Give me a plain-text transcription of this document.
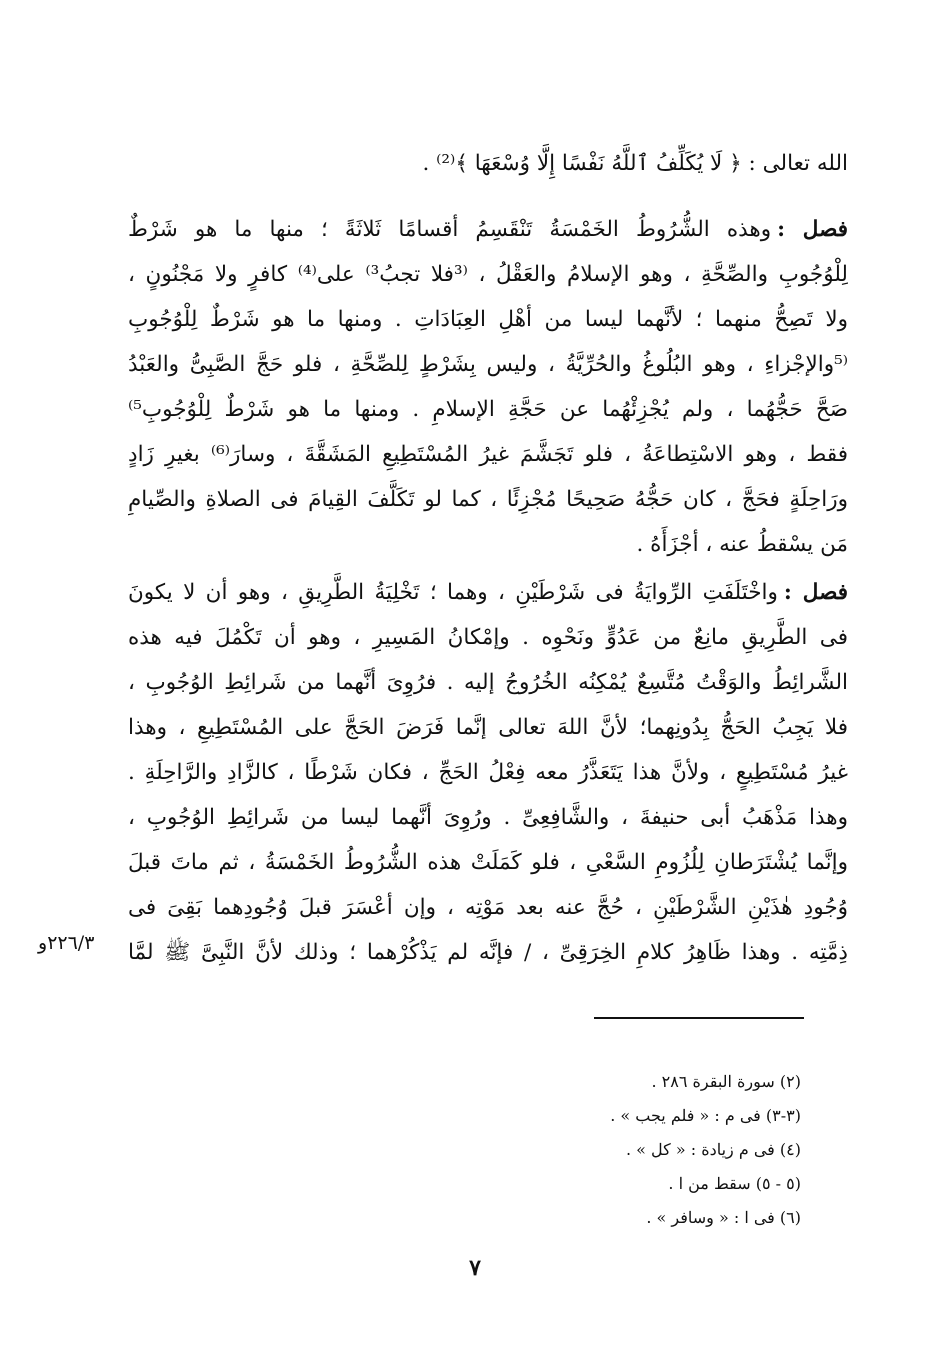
الله تعالى : ﴿ لَا يُكَلِّفُ ٱللَّهُ نَفْسًا إِلَّا وُسْعَهَا ﴾⁽²⁾ .
فصل :وهذه الشُّرُوطُ الخَمْسَةُ تَنْقَسِمُ أقسامًا ثَلاثَةً ؛ منها ما هو شَرْطٌ
لِلْوُجُوبِ والصِّحَّةِ ، وهو الإسلامُ والعَقْلُ ، ⁽³فلا تجبُ³⁾ على⁽⁴⁾ كافرٍ ولا مَجْنُونٍ ،
ولا تَصِحُّ منهما ؛ لأنَّهما ليسا من أهْلِ العِبَادَاتِ . ومنها ما هو شَرْطٌ لِلْوُجُوبِ
⁽⁵والإجْزاءِ ، وهو البُلُوغُ والحُرِّيَّةُ ، وليس بِشَرْطٍ لِلصِّحَّةِ ، فلو حَجَّ الصَّبِىُّ والعَبْدُ
صَحَّ حَجُّهُما ، ولم يُجْزِئْهُما عن حَجَّةِ الإسلامِ . ومنها ما هو شَرْطٌ لِلْوُجُوبِ⁵⁾
فقط ، وهو الاسْتِطاعَةُ ، فلو تَجَشَّمَ غيرُ المُسْتَطِيعِ المَشَقَّةَ ، وسارَ⁽⁶⁾ بغيرِ زَادٍ
ورَاحِلَةٍ فحَجَّ ، كان حَجُّهُ صَحِيحًا مُجْزِئًا ، كما لو تَكَلَّفَ القِيامَ فى الصلاةِ والصِّيامِ
مَن يسْقطُ عنه ، أجْزَأَهُ .
فصل :واخْتَلَفَتِ الرِّوايَةُ فى شَرْطَيْنِ ، وهما ؛ تَخْلِيَةُ الطَّرِيقِ ، وهو أن لا يكونَ
فى الطَّرِيقِ مانِعٌ من عَدُوٍّ ونَحْوِه . وإمْكانُ المَسِيرِ ، وهو أن تَكْمُلَ فيه هذه
الشَّرائِطُ والوَقْتُ مُتَّسِعٌ يُمْكِنُه الخُرُوجُ إليه . فرُوِىَ أنَّهما من شَرائِطِ الوُجُوبِ ،
فلا يَجِبُ الحَجُّ بِدُونِهما؛ لأنَّ اللهَ تعالى إنَّما فَرَضَ الحَجَّ على المُسْتَطِيعِ ، وهذا
غيرُ مُسْتَطِيعٍ ، ولأنَّ هذا يَتَعَذَّرُ معه فِعْلُ الحَجِّ ، فكان شَرْطًا ، كالزَّادِ والرَّاحِلَةِ .
وهذا مَذْهَبُ أبى حنيفةَ ، والشَّافِعِىِّ . ورُوِىَ أنَّهما ليسا من شَرائِطِ الوُجُوبِ ،
وإنَّما يُشْتَرَطانِ لِلُزُومِ السَّعْىِ ، فلو كَمَلَتْ هذه الشُّرُوطُ الخَمْسَةُ ، ثم ماتَ قبلَ
وُجُودِ هٰذَيْنِ الشَّرْطَيْنِ ، حُجَّ عنه بعد مَوْتِه ، وإن أعْسَرَ قبلَ وُجُودِهما بَقِىَ فى
ذِمَّتِه . وهذا ظَاهِرُ كلامِ الخِرَقِىِّ ، / فإنَّه لم يَذْكُرْهما ؛ وذلك لأنَّ النَّبِىَّ ﷺ لمَّا
٢٢٦/٣و
(٢) سورة البقرة ٢٨٦ .
(٣-٣) فى م : « فلم يجب » .
(٤) فى م زيادة : « كل » .
(٥ - ٥) سقط من ا .
(٦) فى ا : « وسافر » .
٧
